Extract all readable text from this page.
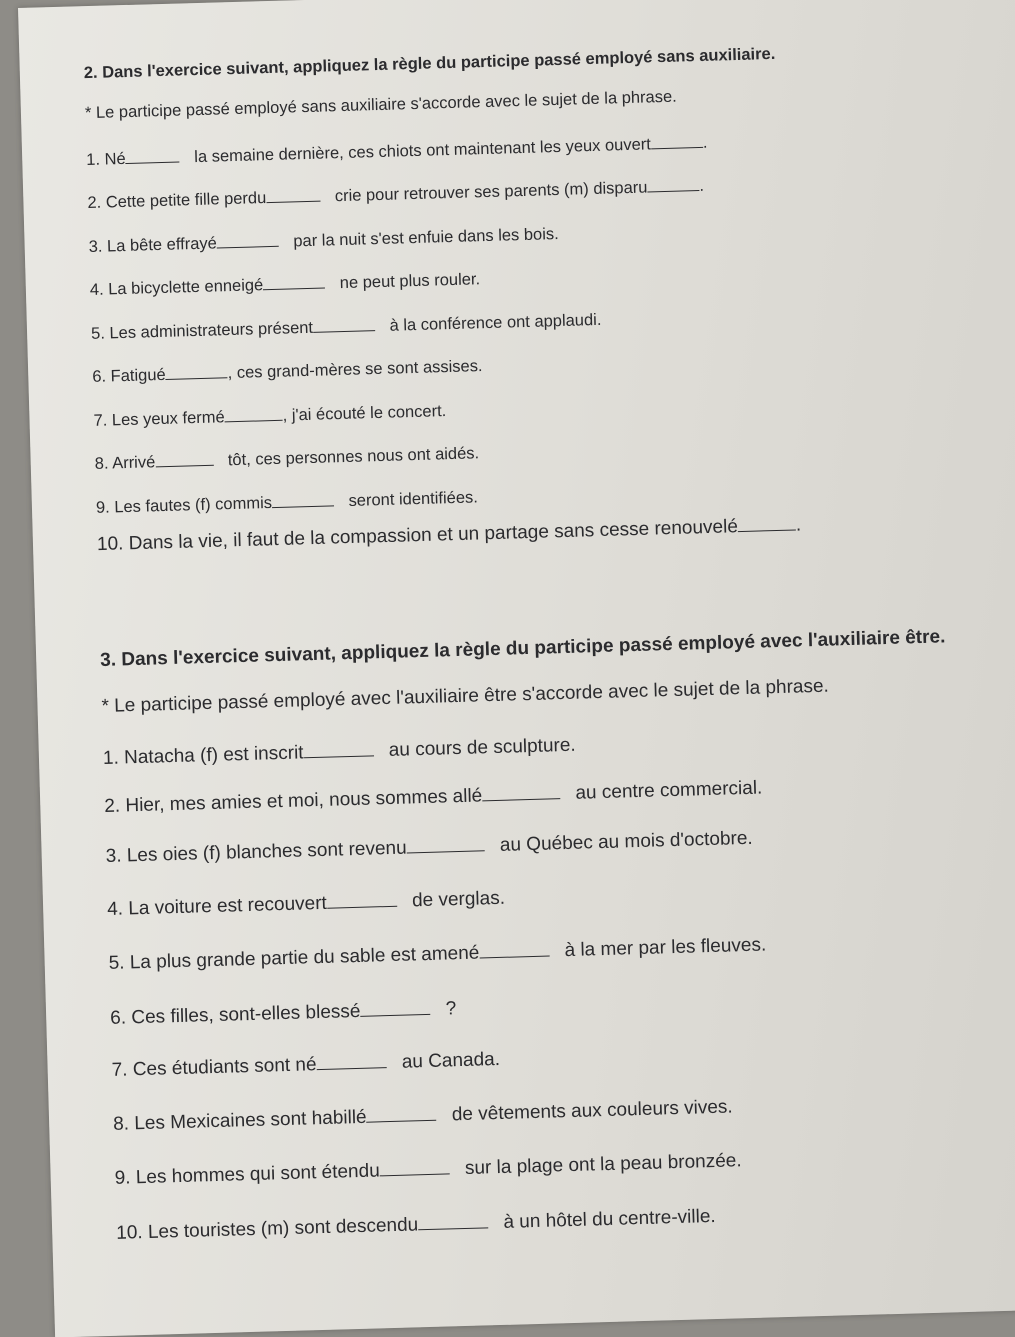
2. Dans l'exercice suivant, appliquez la règle du participe passé employé sans auxiliaire.
* Le participe passé employé sans auxiliaire s'accorde avec le sujet de la phrase.
1. Né	la semaine dernière, ces chiots ont maintenant les yeux ouvert	.
2. Cette petite fille perdu	crie pour retrouver ses parents (m) disparu	.
3. La bête effrayé	par la nuit s'est enfuie dans les bois.
4. La bicyclette enneigé	ne peut plus rouler.
5. Les administrateurs présent	à la conférence ont applaudi.
6. Fatigué	, ces grand-mères se sont assises.
7. Les yeux fermé	, j'ai écouté le concert.
8. Arrivé	tôt, ces personnes nous ont aidés.
9. Les fautes (f) commis	seront identifiées.
10. Dans la vie, il faut de la compassion et un partage sans cesse renouvelé	.
3. Dans l'exercice suivant, appliquez la règle du participe passé employé avec l'auxiliaire être.
* Le participe passé employé avec l'auxiliaire être s'accorde avec le sujet de la phrase.
1. Natacha (f) est inscrit	au cours de sculpture.
2. Hier, mes amies et moi, nous sommes allé	au centre commercial.
3. Les oies (f) blanches sont revenu	au Québec au mois d'octobre.
4. La voiture est recouvert	de verglas.
5. La plus grande partie du sable est amené	à la mer par les fleuves.
6. Ces filles, sont-elles blessé	?
7. Ces étudiants sont né	au Canada.
8. Les Mexicaines sont habillé	de vêtements aux couleurs vives.
9. Les hommes qui sont étendu	sur la plage ont la peau bronzée.
10. Les touristes (m) sont descendu	à un hôtel du centre-ville.
